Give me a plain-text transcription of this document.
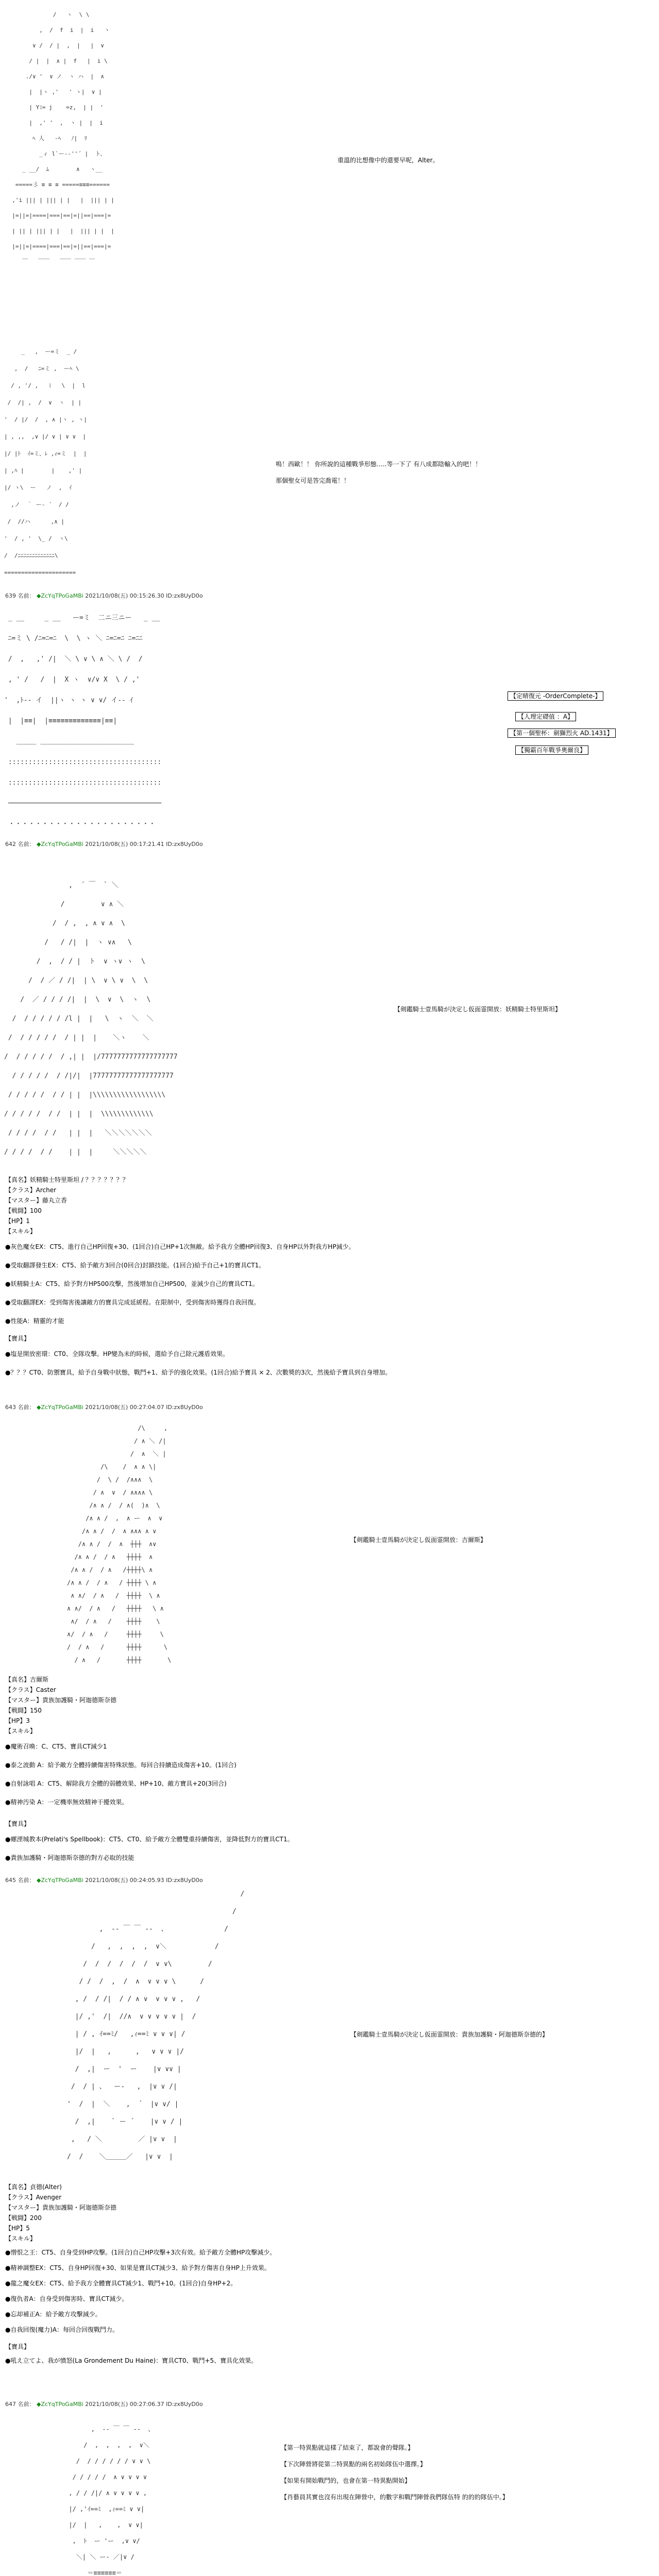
/   ヽ  \ \
,  /  f  i  |  i   ヽ
∨ /  / |  ,  |   |  ∨
/ |  |  ∧ |  f   |  i \
./∨ '  ∨ ノ  ヽ ハ  |  ∧
|  |ヽ ,'   ' ヽ|  ∨ |
| Yﾐ= j    =z,  | |  '
|  ,' '  ,  ヽ |  |  i
ﾍ 人   ‐ﾍ   ﾉ|  ﾘ
_ィ l`ー-‐''´ |  ト、
_ __/  ﾑ        ∧   ヽ__
=====彡 ≡ ≡ ≡ =====≡≡≡======
,'i ||| | ||| | |   |  ||| | |
|=||=|====|===|==|=||==|===|=
| || | ||| | |   |  ||| | |  |
|=||=|====|===|==|=||==|===|=
￣   ￣￣   ￣￣ ￣￣ ￣
重溫的比想像中的還要早呢，Alter。
_   ,  ー=ミ  _ /
,  /   ﾆ=ミ ,  ーﾍ \
/ , '/ ,   ﾐ   \  |  l
/  /| ,  /  ∨  ヽ  | |
'  / |/  /  , ∧ |ヽ , ヽ|
| , ,,  ,∨ |/ ∨ | ∨ ∨  |
|/ |ﾄ  ｲ=ミ、ﾚ ,ｨ=ミ  |  |
| ,ﾊ |        |    ,' |
|/ ヽ\  ー   ノ  ,  ｲ
,ノ  ｀ ー‐ ´  / /
/  //ハ      ,∧ |
'  / , '  \_ /  ヽ\
/  /ﾆﾆﾆﾆﾆﾆﾆﾆﾆﾆﾆﾆﾆ\
=====================
嗚！西歐！！ 你所說的這種戰爭形態…..等一下了 有八成都陰輸入的吧！！
那個聖女可是答完喬電！！
639 名前： ◆ZcYqTPoGaMBi 2021/10/08(五) 00:15:26.30 ID:zx8UyD0o
_ __     _ __   ー=ミ  二ニ三ニー   _ __
ﾆ=ミ \ /ﾆ=ﾆ=ﾆ  \  \ ヽ ＼ ﾆ=ﾆ=ﾆ ﾆ=ﾆﾆ
/  ,   ,' /|  ＼ \ ∨ \ ∧ ＼ \ /  /
, ' /   /  |  X ヽ  ∨/∨ X  \ / ,'
'  ,ﾄ-- イ  ||ヽ ヽ ヽ ∨ ∨/ イ-‐ ｲ
|  |≡≡|  |≡≡≡≡≡≡≡≡≡≡≡≡≡|≡≡|
＿＿＿ ＿＿＿＿＿＿＿＿＿＿＿＿＿＿
::::::::::::::::::::::::::::::::::::::
::::::::::::::::::::::::::::::::::::::
──────────────────────────────────────
・・・・・・・・・・・・・・・・・・・・・・
【定晴復元 -OrderComplete-】
【人理定礎值 ：A】
【第一個聖杯：劍獅烈火 AD.1431】
【獨霸百年戰爭奧爾良】
642 名前： ◆ZcYqTPoGaMBi 2021/10/08(五) 00:17:21.41 ID:zx8UyD0o
,  ´ ￣  ` ＼
/         ∨ ∧ ＼
/  / ,  , ∧ ∨ ∧  \
/   / /|  |  ヽ ∨∧   \
/  ,  / / |  ト  ∨ ヽ∨ ヽ  \
/  / ／ / /|  | \  ∨ \ ∨  \  \
/  ／ / / / /|  |  \  ∨  \  ヽ  \
/  / / / / / /l |  |   \  ヽ  ＼  ＼
/  / / / / /  / | |  |    ＼ヽ    ＼
/  / / / / /  / ,| |  |/7777777777777777777
/ / / / /  / /|/|  |77777777777777777777
/ / / / /  / / | |  |\\\\\\\\\\\\\\\\\\
/ / / / /  / /  | |  |  \\\\\\\\\\\\\
/ / / /  / /   | |  |   ＼＼＼＼＼＼＼
/ / / /  / /    | |  |     ＼＼＼＼＼
【剣鑑騎士壹馬騎が決定し仮面霊開放：妖精騎士特里斯坦】
【真名】妖精騎士特里斯坦 / ？？？？？？？
【クラス】Archer
【マスター】藤丸立香
【戦闘】100
【HP】1
【スキル】
●灰色魔女EX：CT5、進行自己HP回復+30、(1回合)自己HP+1次無敵。給予我方全體HP回復3、自身HP以外對我方HP減少。
●受取翻譯發生EX：CT5、給予敵方3回合(0回合)封鎖技能。(1回合)給予自己+1的寶具CT1。
●妖精騎士A：CT5、給予對方HP500攻擊，然後增加自己HP500，並減少自己的寶具CT1。
●受取翻譯EX：受到傷害後讓敵方的寶具完成延緩程。在限制中，受到傷害時獲得自我回復。
●性能A：精靈的才能
【寶具】
●塩是開放密環：CT0、全隊攻擊。HP變為未的時候，選給予自己除元護盾效果。
●？？？CT0、防禦寶具，給予自身戰中狀態，戰鬥+1、給予的強化效果。(1回合)給予寶具 × 2、次數獎的3次，然後給予寶具到自身增加。
643 名前： ◆ZcYqTPoGaMBi 2021/10/08(五) 00:27:04.07 ID:zx8UyD0o
/\     ,
/ ∧ ＼ /|
/  ∧  ＼ |
/\    /  ∧ ∧ \|
/  \ /  /∧∧∧  \
/ ∧  ∨  / ∧∧∧∧ \
/∧ ∧ /  / ∧(  )∧  \
/∧ ∧ /  ,  ∧ ー  ∧  ∨
/∧ ∧ /  /  ∧ ∧∧∧ ∧ ∨
/∧ ∧ /  /  ∧  ┼┼┼  ∧∨
/∧ ∧ /  / ∧   ┼┼┼┼  ∧
/∧ ∧ /  / ∧   /┼┼┼┼\ ∧
/∧ ∧ /  / ∧   / ┼┼┼┼ \ ∧
∧ ∧/  / ∧   /  ┼┼┼┼  \ ∧
∧ ∧/  / ∧   /   ┼┼┼┼   \ ∧
∧/  / ∧   /    ┼┼┼┼    \
∧/  / ∧   /     ┼┼┼┼     \
/  / ∧   /      ┼┼┼┼      \
/ ∧   /       ┼┼┼┼       \
【剣鑑騎士壹馬騎が決定し仮面霊開放：吉爾斯】
【真名】吉爾斯
【クラス】Caster
【マスター】貴族加護騎・阿迦德斯奈德
【戦闘】150
【HP】3
【スキル】
●魔術召喚：C、CT5、寶具CT減少1
●泰之波動 A：給予敵方全體持續傷害特殊狀態。每回合持續造成傷害+10。(1回合)
●自射詠唱 A：CT5、解除我方全體的弱體效果、HP+10、敵方寶具+20(3回合)
●精神汚染 A：一定機率無效精神干擾效果。
【寶具】
●螺湮城教本(Prelati's Spellbook)：CT5、CT0、給予敵方全體雙重持續傷害，並降低對方的寶具CT1。
●貴族加護騎・阿迦德斯奈德的對方必取的技能
645 名前： ◆ZcYqTPoGaMBi 2021/10/08(五) 00:24:05.93 ID:zx8UyD0o
/
/
,  -‐ ￣ ￣ ‐-  、              /
/   ,  ,  ,  ,  ∨＼            /
/  /  /  /  /  /  ∨ ∨\         /
/ /  /  ,  /  ∧  ∨ ∨ ∨ \      /
, /  / /|  / / ∧ ∨  ∨ ∨ ∨ ,   /
|/ ,'  /|  //∧  ∨ ∨ ∨ ∨ ∨ |  /
| / , ｲ==ﾐ/   ,ｨ==ﾐ ∨ ∨ ∨| /
|/  |   ,      ,   ∨ ∨ ∨ |/
/  ,|  ー  '  ー    |∨ ∨∨ |
/  / | 、  ー‐   ,  |∨ ∨ /|
'  /  |  ＼    ,  ´  |∨ ∨/ |
/  ,|    ` ー ´    |∨ ∨ / |
,   / ＼         ／ |∨ ∨  |
/  /    ＼＿＿＿／   |∨ ∨  |
【剣鑑騎士壹馬騎が決定し仮面霊開放：貴族加護騎・阿迦德斯奈德的】
【真名】貞德(Alter)
【クラス】Avenger
【マスター】貴族加護騎・阿迦德斯奈德
【戦闘】200
【HP】5
【スキル】
●憎恨之王：CT5、自身受到HP攻擊。(1回合)自己HP攻擊+3次有效。給予敵方全體HP攻擊減少。
●精神調整EX：CT5、自身HP回復+30、如果是寶具CT減少3、給予對方傷害自身HP上升效果。
●龍之魔女EX：CT5、給予我方全體寶具CT減少1、戰鬥+10。(1回合)自身HP+2。
●復仇者A：自身受到傷害時、寶具CT減少。
●忘却補正A：給予敵方攻擊減少。
●自我回復(魔力)A：每回合回復戰鬥力。
【寶具】
●吼え立てよ、我が憤怒(La Grondement Du Haine)：寶具CT0、戰鬥+5、寶具化效果。
647 名前： ◆ZcYqTPoGaMBi 2021/10/08(五) 00:27:06.37 ID:zx8UyD0o
,  -‐ ￣ ￣ ‐-  、
/  ,  ,  ,  ,  ∨＼
/  / / / / / / ∨ ∨ \
/ / / / /  ∧ ∨ ∨ ∨ ∨
, / / /|/ ∧ ∨ ∨ ∨ ∨ ,
|/ ,'ｲ==ﾐ  ,ｨ==ﾐ ∨ ∨|
|/  |   ,    ,  ∨ ∨|
,  ﾄ  ー 'ー  ,∨ ∨/
＼| ＼ ー‐ ／|∨ /
＝≡≡≡≡≡≡＝

【第一特異點就這樣了結束了，都說會的聲隊。】
【下次陣營將從第二特異點的兩名初始隊伍中選擇。】
【如果有開始戰鬥的，也會在第一特異點開始】
【肖藝員其實也沒有出現在陣營中，的數字和戰鬥陣營我們隊伍特 的的的隊伍中。】
